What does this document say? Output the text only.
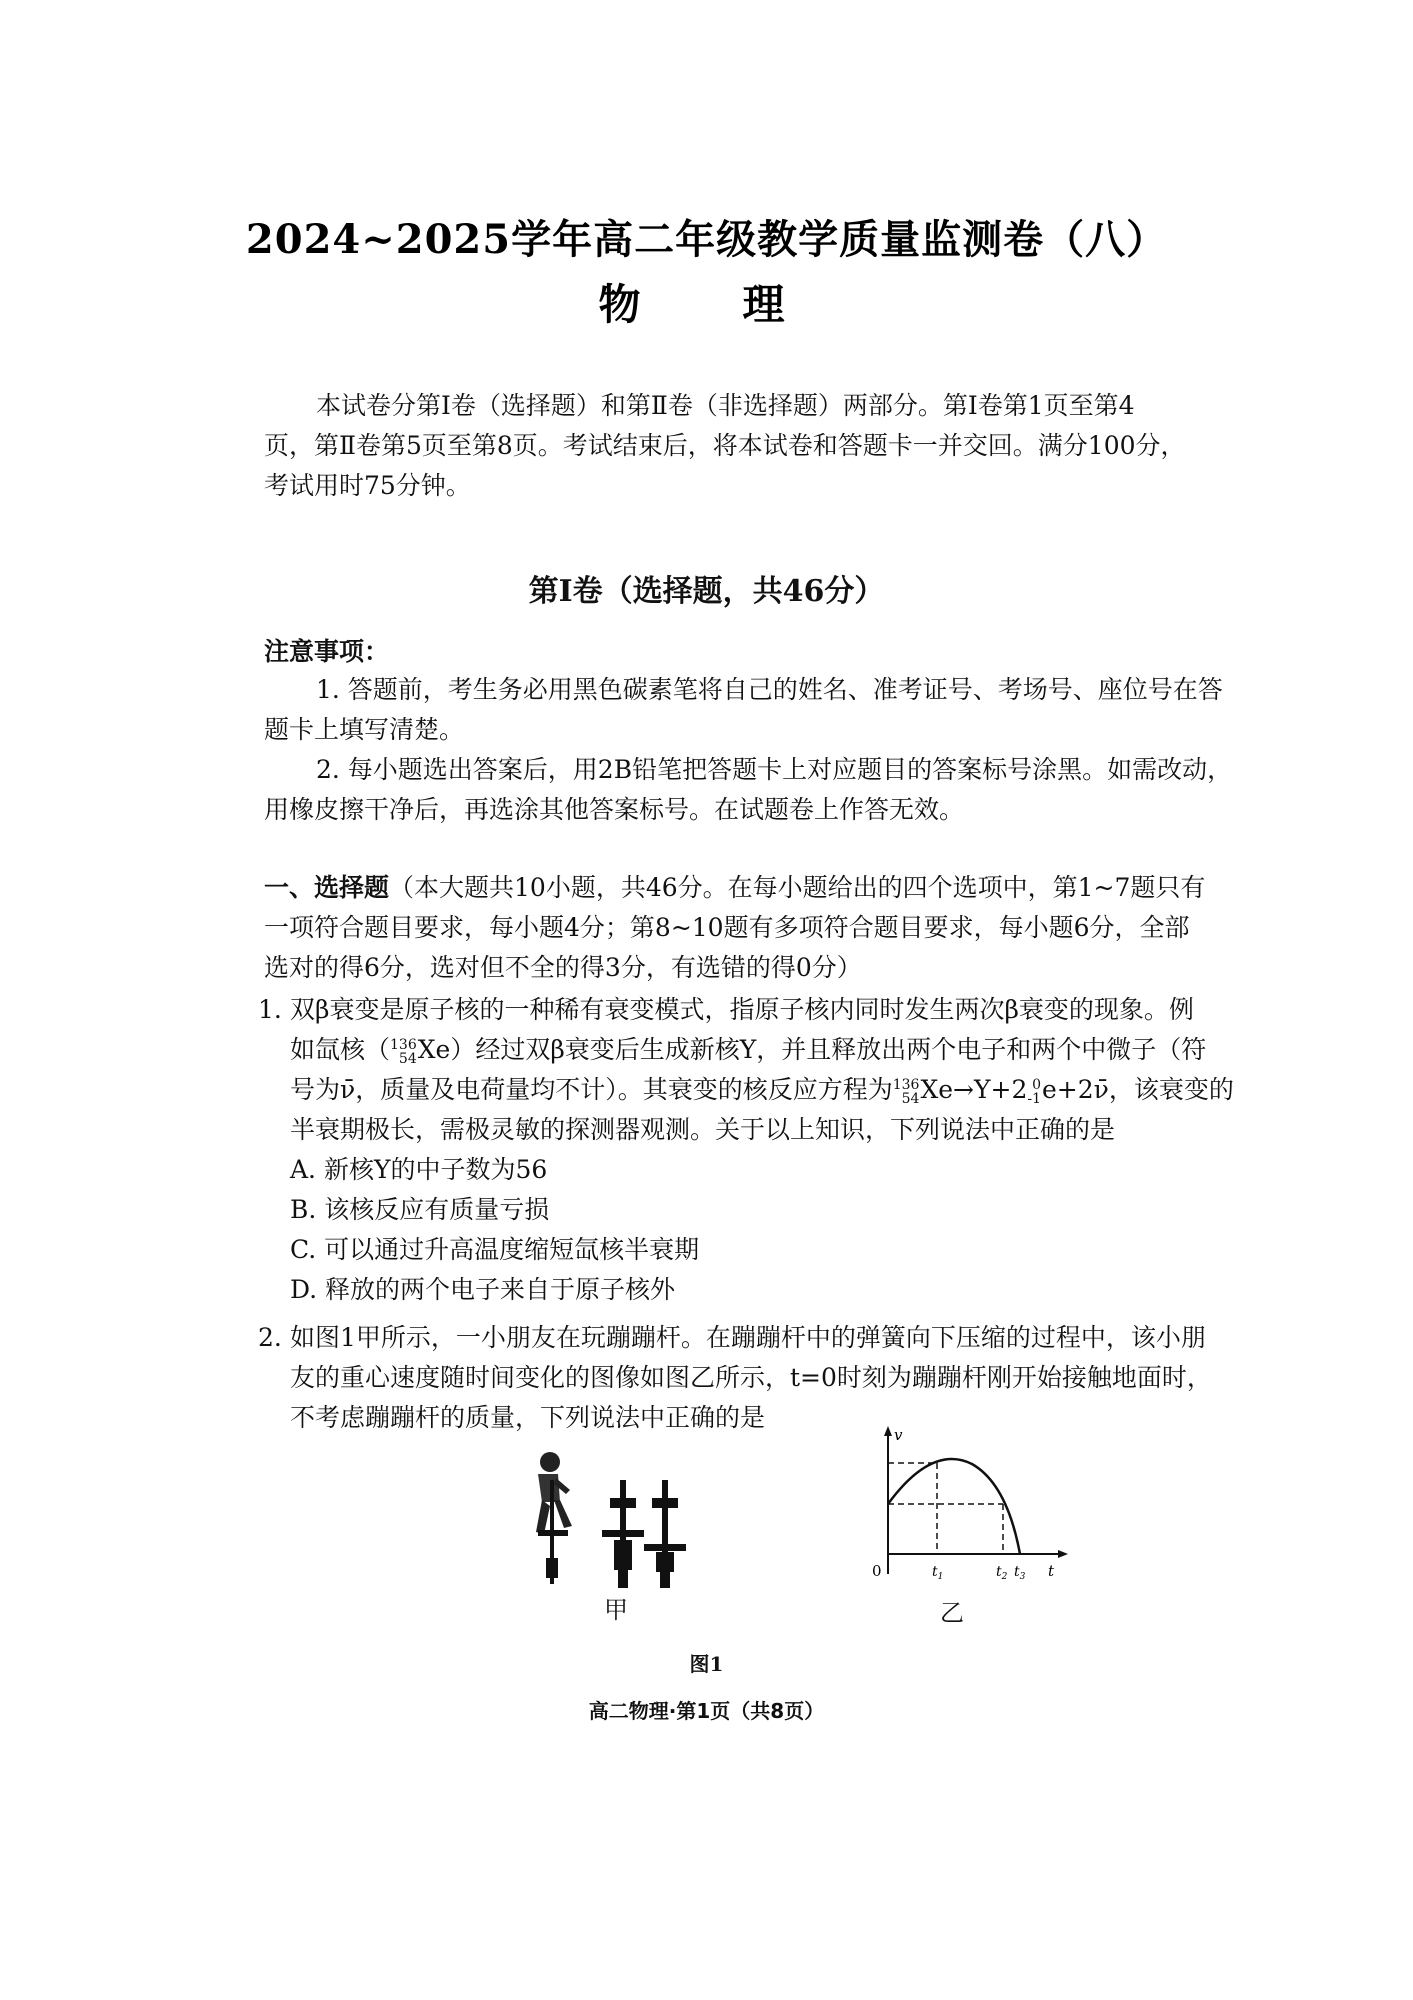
2024~2025学年高二年级教学质量监测卷（八）
物　理

本试卷分第Ⅰ卷（选择题）和第Ⅱ卷（非选择题）两部分。第Ⅰ卷第1页至第4

页，第Ⅱ卷第5页至第8页。考试结束后，将本试卷和答题卡一并交回。满分100分，

考试用时75分钟。

第Ⅰ卷（选择题，共46分）
注意事项：

1. 答题前，考生务必用黑色碳素笔将自己的姓名、准考证号、考场号、座位号在答

题卡上填写清楚。

2. 每小题选出答案后，用2B铅笔把答题卡上对应题目的答案标号涂黑。如需改动，

用橡皮擦干净后，再选涂其他答案标号。在试题卷上作答无效。

一、选择题（本大题共10小题，共46分。在每小题给出的四个选项中，第1~7题只有
一项符合题目要求，每小题4分；第8~10题有多项符合题目要求，每小题6分，全部
选对的得6分，选对但不全的得3分，有选错的得0分）
1. 双β衰变是原子核的一种稀有衰变模式，指原子核内同时发生两次β衰变的现象。例
如氙核（ 136
54 Xe）经过双β衰变后生成新核Y，并且释放出两个电子和两个中微子（符
号为ν̄，质量及电荷量均不计）。其衰变的核反应方程为 136
54 Xe→Y+2 0
-1 e+2ν̄，该衰变的
半衰期极长，需极灵敏的探测器观测。关于以上知识，下列说法中正确的是
A. 新核Y的中子数为56
B. 该核反应有质量亏损
C. 可以通过升高温度缩短氙核半衰期
D. 释放的两个电子来自于原子核外
2. 如图1甲所示，一小朋友在玩蹦蹦杆。在蹦蹦杆中的弹簧向下压缩的过程中，该小朋
友的重心速度随时间变化的图像如图乙所示，t=0时刻为蹦蹦杆刚开始接触地面时，
不考虑蹦蹦杆的质量，下列说法中正确的是
v
0	$t_1$	$t_2$ $t_3$ t
甲	乙
图1
高二物理·第1页（共8页）
